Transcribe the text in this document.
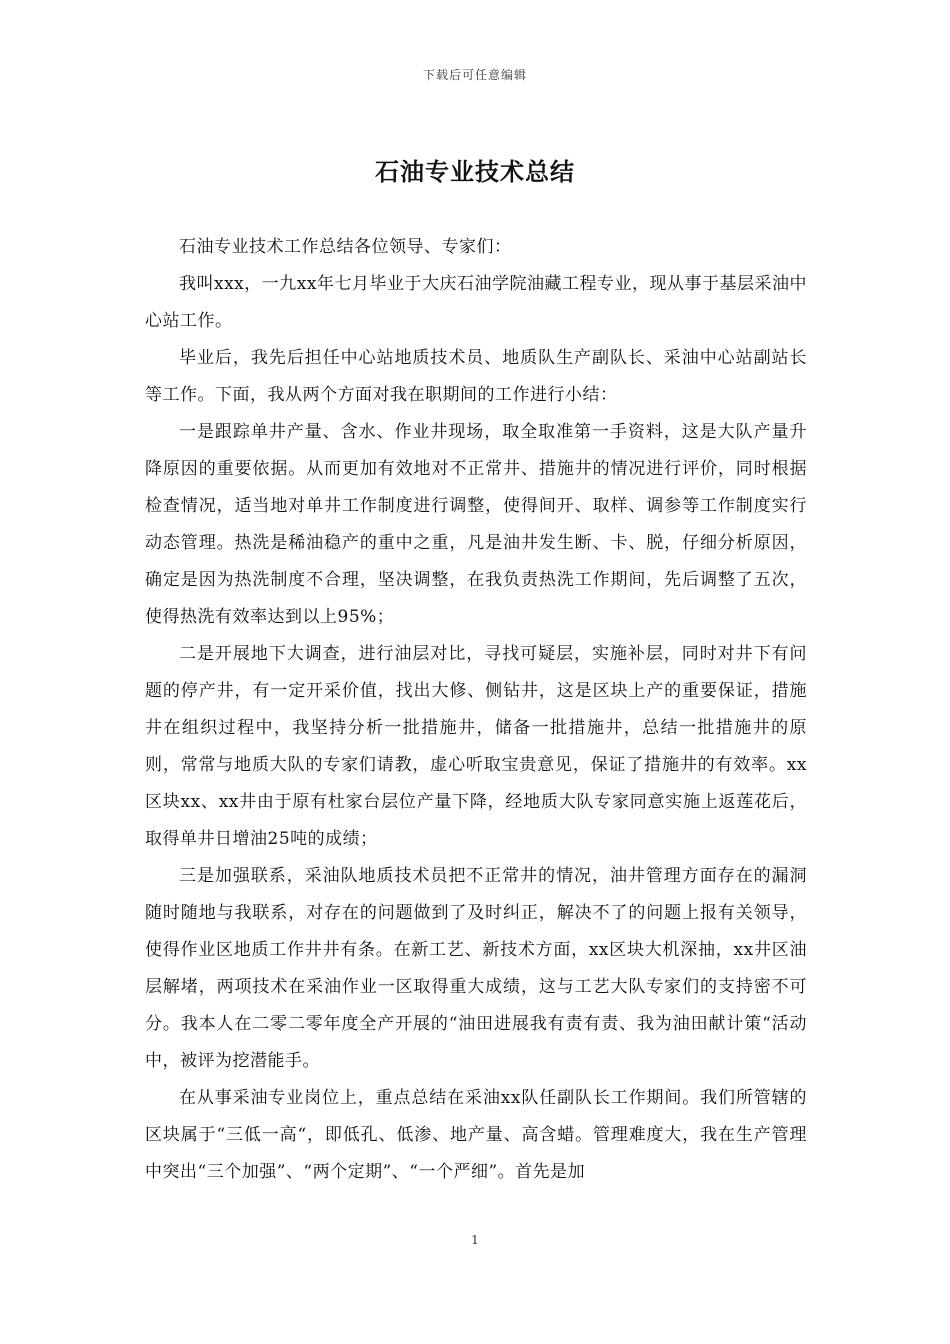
下载后可任意编辑
石油专业技术总结

石油专业技术工作总结各位领导、专家们：

我叫xxx，一九xx年七月毕业于大庆石油学院油藏工程专业，现从事于基层采油中心站工作。

毕业后，我先后担任中心站地质技术员、地质队生产副队长、采油中心站副站长等工作。下面，我从两个方面对我在职期间的工作进行小结：

一是跟踪单井产量、含水、作业井现场，取全取准第一手资料，这是大队产量升降原因的重要依据。从而更加有效地对不正常井、措施井的情况进行评价，同时根据检查情况，适当地对单井工作制度进行调整，使得间开、取样、调参等工作制度实行动态管理。热洗是稀油稳产的重中之重，凡是油井发生断、卡、脱，仔细分析原因，确定是因为热洗制度不合理，坚决调整，在我负责热洗工作期间，先后调整了五次，使得热洗有效率达到以上95%；

二是开展地下大调查，进行油层对比，寻找可疑层，实施补层，同时对井下有问题的停产井，有一定开采价值，找出大修、侧钻井，这是区块上产的重要保证，措施井在组织过程中，我坚持分析一批措施井，储备一批措施井，总结一批措施井的原则，常常与地质大队的专家们请教，虚心听取宝贵意见，保证了措施井的有效率。xx区块xx、xx井由于原有杜家台层位产量下降，经地质大队专家同意实施上返莲花后，取得单井日增油25吨的成绩；

三是加强联系，采油队地质技术员把不正常井的情况，油井管理方面存在的漏洞随时随地与我联系，对存在的问题做到了及时纠正，解决不了的问题上报有关领导，使得作业区地质工作井井有条。在新工艺、新技术方面，xx区块大机深抽，xx井区油层解堵，两项技术在采油作业一区取得重大成绩，这与工艺大队专家们的支持密不可分。我本人在二零二零年度全产开展的“油田进展我有责有责、我为油田献计策“活动中，被评为挖潜能手。

在从事采油专业岗位上，重点总结在采油xx队任副队长工作期间。我们所管辖的区块属于“三低一高“，即低孔、低渗、地产量、高含蜡。管理难度大，我在生产管理中突出“三个加强”、“两个定期”、“一个严细”。首先是加

1
